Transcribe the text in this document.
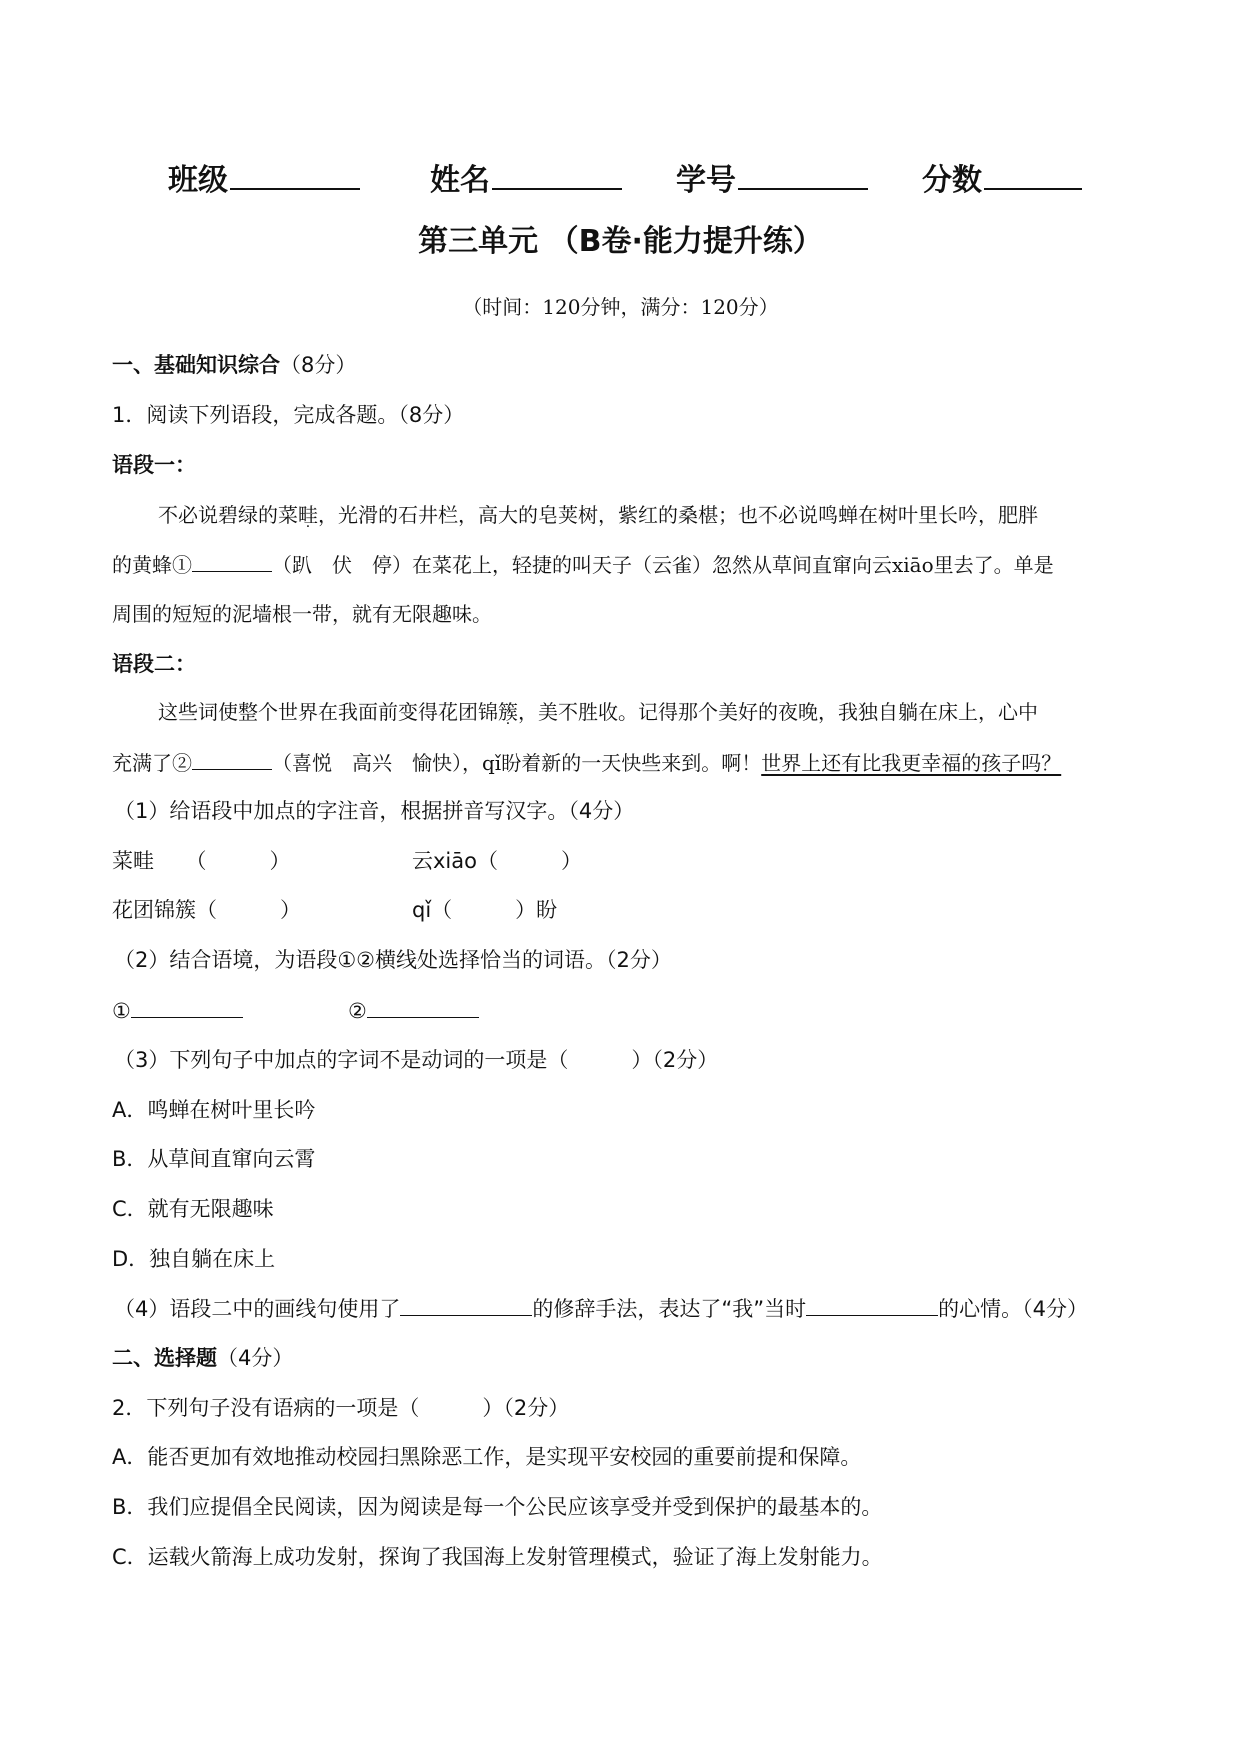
班级	姓名	学号	分数
第三单元 （B卷·能力提升练）
（时间：120分钟，满分：120分）
一、基础知识综合（8分）
1．阅读下列语段，完成各题。（8分）
语段一：
不必说碧绿的菜畦，光滑的石井栏，高大的皂荚树，紫红的桑椹；也不必说鸣蝉在树叶里长吟，肥胖
的黄蜂①	（趴　伏　停）在菜花上，轻捷的叫天子（云雀）忽然从草间直窜向云xiāo里去了。单是
周围的短短的泥墙根一带，就有无限趣味。
语段二：
这些词使整个世界在我面前变得花团锦簇，美不胜收。记得那个美好的夜晚，我独自躺在床上，心中
充满了②	（喜悦　高兴　愉快），qǐ盼着新的一天快些来到。啊！世界上还有比我更幸福的孩子吗？
（1）给语段中加点的字注音，根据拼音写汉字。（4分）
菜畦　　（　　　）	云xiāo（　　　）
花团锦簇（　　　）	qǐ（　　　）盼
（2）结合语境，为语段①②横线处选择恰当的词语。（2分）
①	②
（3）下列句子中加点的字词不是动词的一项是（　　　）（2分）
A．鸣蝉在树叶里长吟
B．从草间直窜向云霄
C．就有无限趣味
D．独自躺在床上
（4）语段二中的画线句使用了	的修辞手法，表达了“我”当时	的心情。（4分）
二、选择题（4分）
2．下列句子没有语病的一项是（　　　）（2分）
A．能否更加有效地推动校园扫黑除恶工作，是实现平安校园的重要前提和保障。
B．我们应提倡全民阅读，因为阅读是每一个公民应该享受并受到保护的最基本的。
C．运载火箭海上成功发射，探询了我国海上发射管理模式，验证了海上发射能力。
